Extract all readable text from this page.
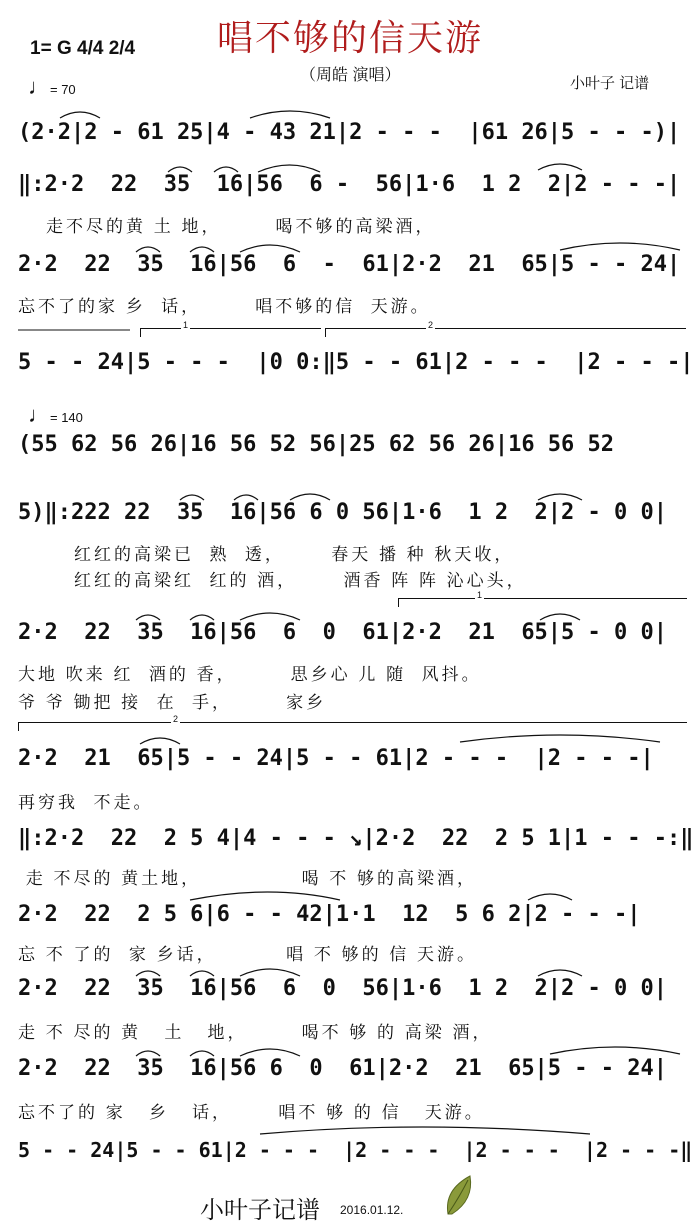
唱不够的信天游
1= G 4/4 2/4
♩= 70
（周皓 演唱）	小叶子 记谱
(2·2|2 - 61 25|4 - 43 21|2 - - -  |61 26|5 - - -)|
‖:2·2  22  35  16|56  6 -  56|1·6  1 2  2|2 - - -|
走不尽的黄 土 地，       喝不够的高梁酒，
2·2  22  35  16|56  6  -  61|2·2  21  65|5 - - 24|
忘不了的家 乡  话，       唱不够的信  天游。
1	2
5 - - 24|5 - - -  |0 0:‖5 - - 61|2 - - -  |2 - - -|
♩= 140
(55 62 56 26|16 56 52 56|25 62 56 26|16 56 52
5)‖:222 22  35  16|56 6 0 56|1·6  1 2  2|2 - 0 0|
红红的高梁已  熟  透，      春天 播 种 秋天收，
红红的高梁红  红的 酒，      酒香 阵 阵 沁心头，
1
2·2  22  35  16|56  6  0  61|2·2  21  65|5 - 0 0|
大地 吹来 红  酒的 香，       思乡心 儿 随  风抖。
爷 爷 锄把 接  在  手，       家乡
2
2·2  21  65|5 - - 24|5 - - 61|2 - - -  |2 - - -|
再穷我  不走。
‖:2·2  22  2 5 4|4 - - - ↘|2·2  22  2 5 1|1 - - -:‖
走 不尽的 黄土地，             喝 不 够的高梁酒，
2·2  22  2 5 6|6 - - 42|1·1  12  5 6 2|2 - - -|
忘 不 了的  家 乡话，         唱 不 够的 信 天游。
2·2  22  35  16|56  6  0  56|1·6  1 2  2|2 - 0 0|
走 不 尽的 黄   土   地，       喝不 够 的 高梁 酒，
2·2  22  35  16|56 6  0  61|2·2  21  65|5 - - 24|
忘不了的 家   乡   话，      唱不 够 的 信   天游。
5 - - 24|5 - - 61|2 - - -  |2 - - -  |2 - - -  |2 - - -‖
小叶子记谱 2016.01.12.
